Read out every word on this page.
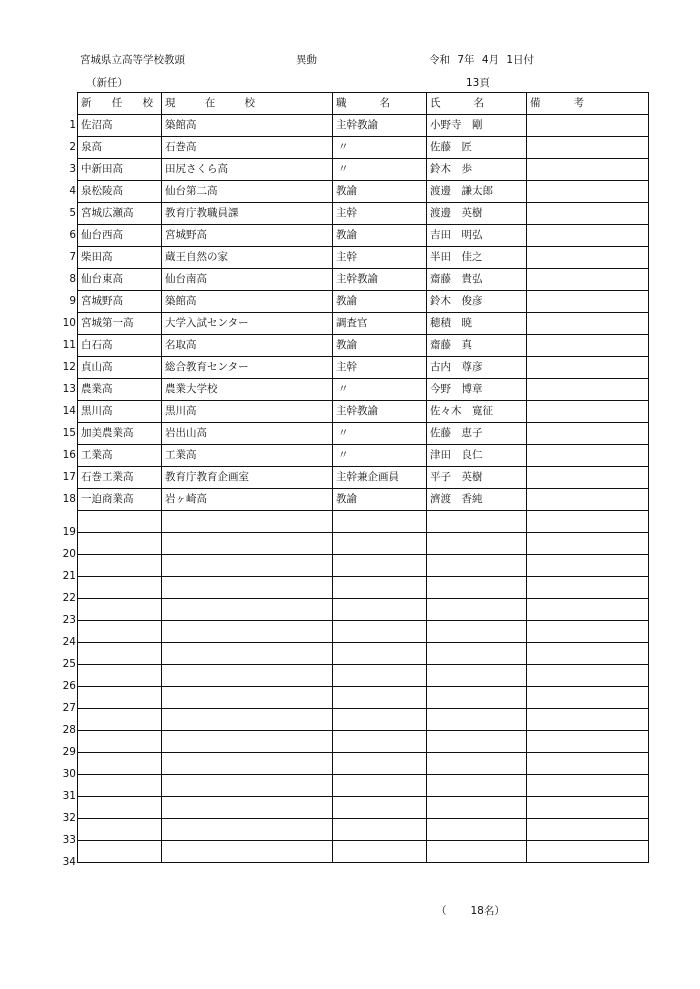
宮城県立高等学校教頭	異動	令和 7年 4月 1日付
（新任）	13頁
新 任 校	現 在 校	職 名	氏 名	備 考

1 佐沼高	築館高	主幹教諭	小野寺　剛	

2 泉高	石巻高	〃	佐藤　匠	

3 中新田高	田尻さくら高	〃	鈴木　歩	

4 泉松陵高	仙台第二高	教諭	渡邊　謙太郎	

5 宮城広瀬高	教育庁教職員課	主幹	渡邊　英樹	

6 仙台西高	宮城野高	教諭	吉田　明弘	

7 柴田高	蔵王自然の家	主幹	半田　佳之	

8 仙台東高	仙台南高	主幹教諭	齋藤　貴弘	

9 宮城野高	築館高	教諭	鈴木　俊彦	

10 宮城第一高	大学入試センター	調査官	穂積　暁	

11 白石高	名取高	教諭	齋藤　真	

12 貞山高	総合教育センター	主幹	古内　尊彦	

13 農業高	農業大学校	〃	今野　博章	

14 黒川高	黒川高	主幹教諭	佐々木　寛征	

15 加美農業高	岩出山高	〃	佐藤　恵子	

16 工業高	工業高	〃	津田　良仁	

17 石巻工業高	教育庁教育企画室	主幹兼企画員	平子　英樹	

18 一迫商業高	岩ヶ崎高	教諭	濟渡　香純	

19				

20				

21				

22				

23				

24				

25				

26				

27				

28				

29				

30				

31				

32				

33				

34				

（ 18名）
